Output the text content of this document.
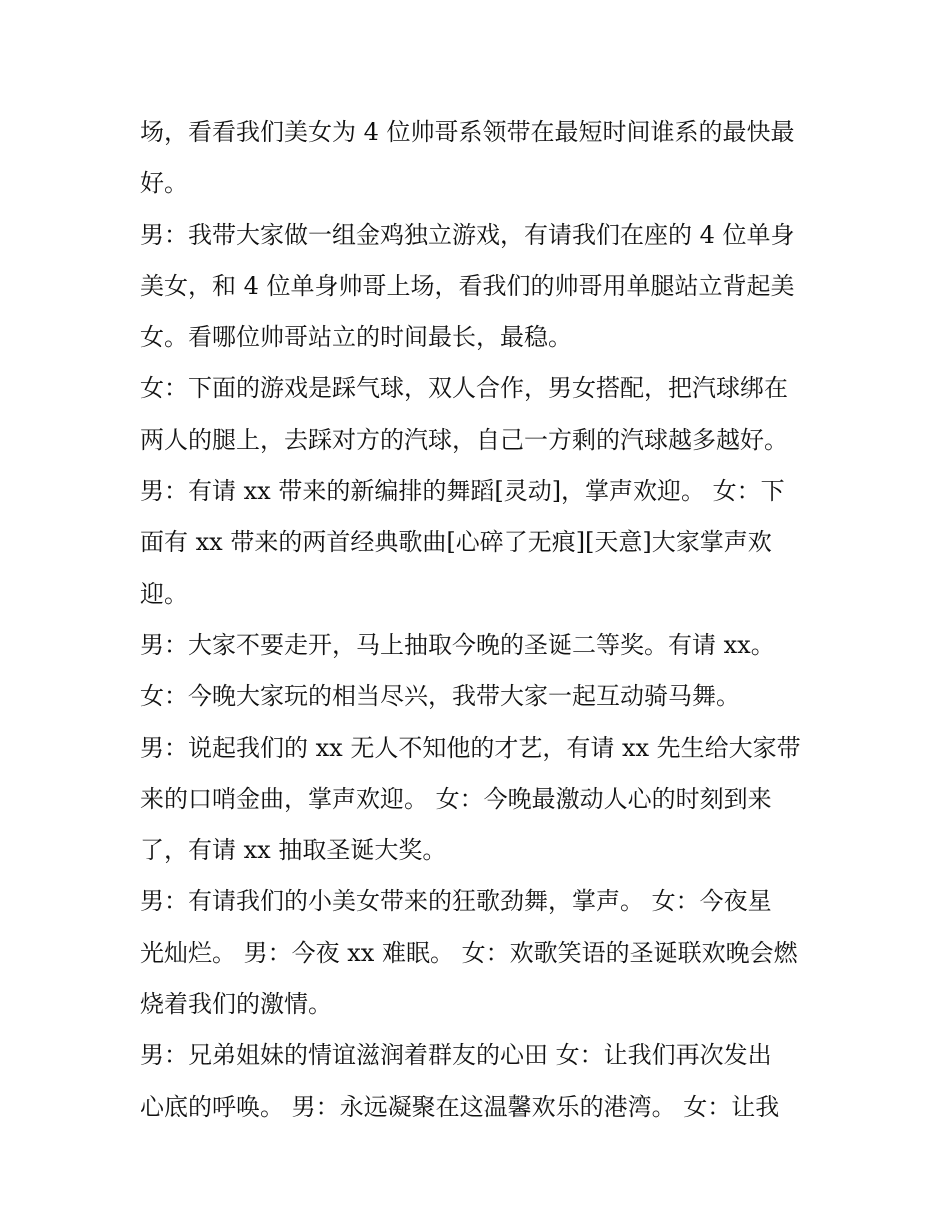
场，看看我们美女为 4 位帅哥系领带在最短时间谁系的最快最
好。
男：我带大家做一组金鸡独立游戏，有请我们在座的 4 位单身
美女，和 4 位单身帅哥上场，看我们的帅哥用单腿站立背起美
女。看哪位帅哥站立的时间最长，最稳。
女：下面的游戏是踩气球，双人合作，男女搭配，把汽球绑在
两人的腿上，去踩对方的汽球，自己一方剩的汽球越多越好。
男：有请 xx 带来的新编排的舞蹈[灵动]，掌声欢迎。 女：下
面有 xx 带来的两首经典歌曲[心碎了无痕][天意]大家掌声欢
迎。
男：大家不要走开，马上抽取今晚的圣诞二等奖。有请 xx。
女：今晚大家玩的相当尽兴，我带大家一起互动骑马舞。
男：说起我们的 xx 无人不知他的才艺，有请 xx 先生给大家带
来的口哨金曲，掌声欢迎。 女：今晚最激动人心的时刻到来
了，有请 xx 抽取圣诞大奖。
男：有请我们的小美女带来的狂歌劲舞，掌声。 女：今夜星
光灿烂。 男：今夜 xx 难眠。 女：欢歌笑语的圣诞联欢晚会燃
烧着我们的激情。
男：兄弟姐妹的情谊滋润着群友的心田 女：让我们再次发出
心底的呼唤。 男：永远凝聚在这温馨欢乐的港湾。 女：让我
